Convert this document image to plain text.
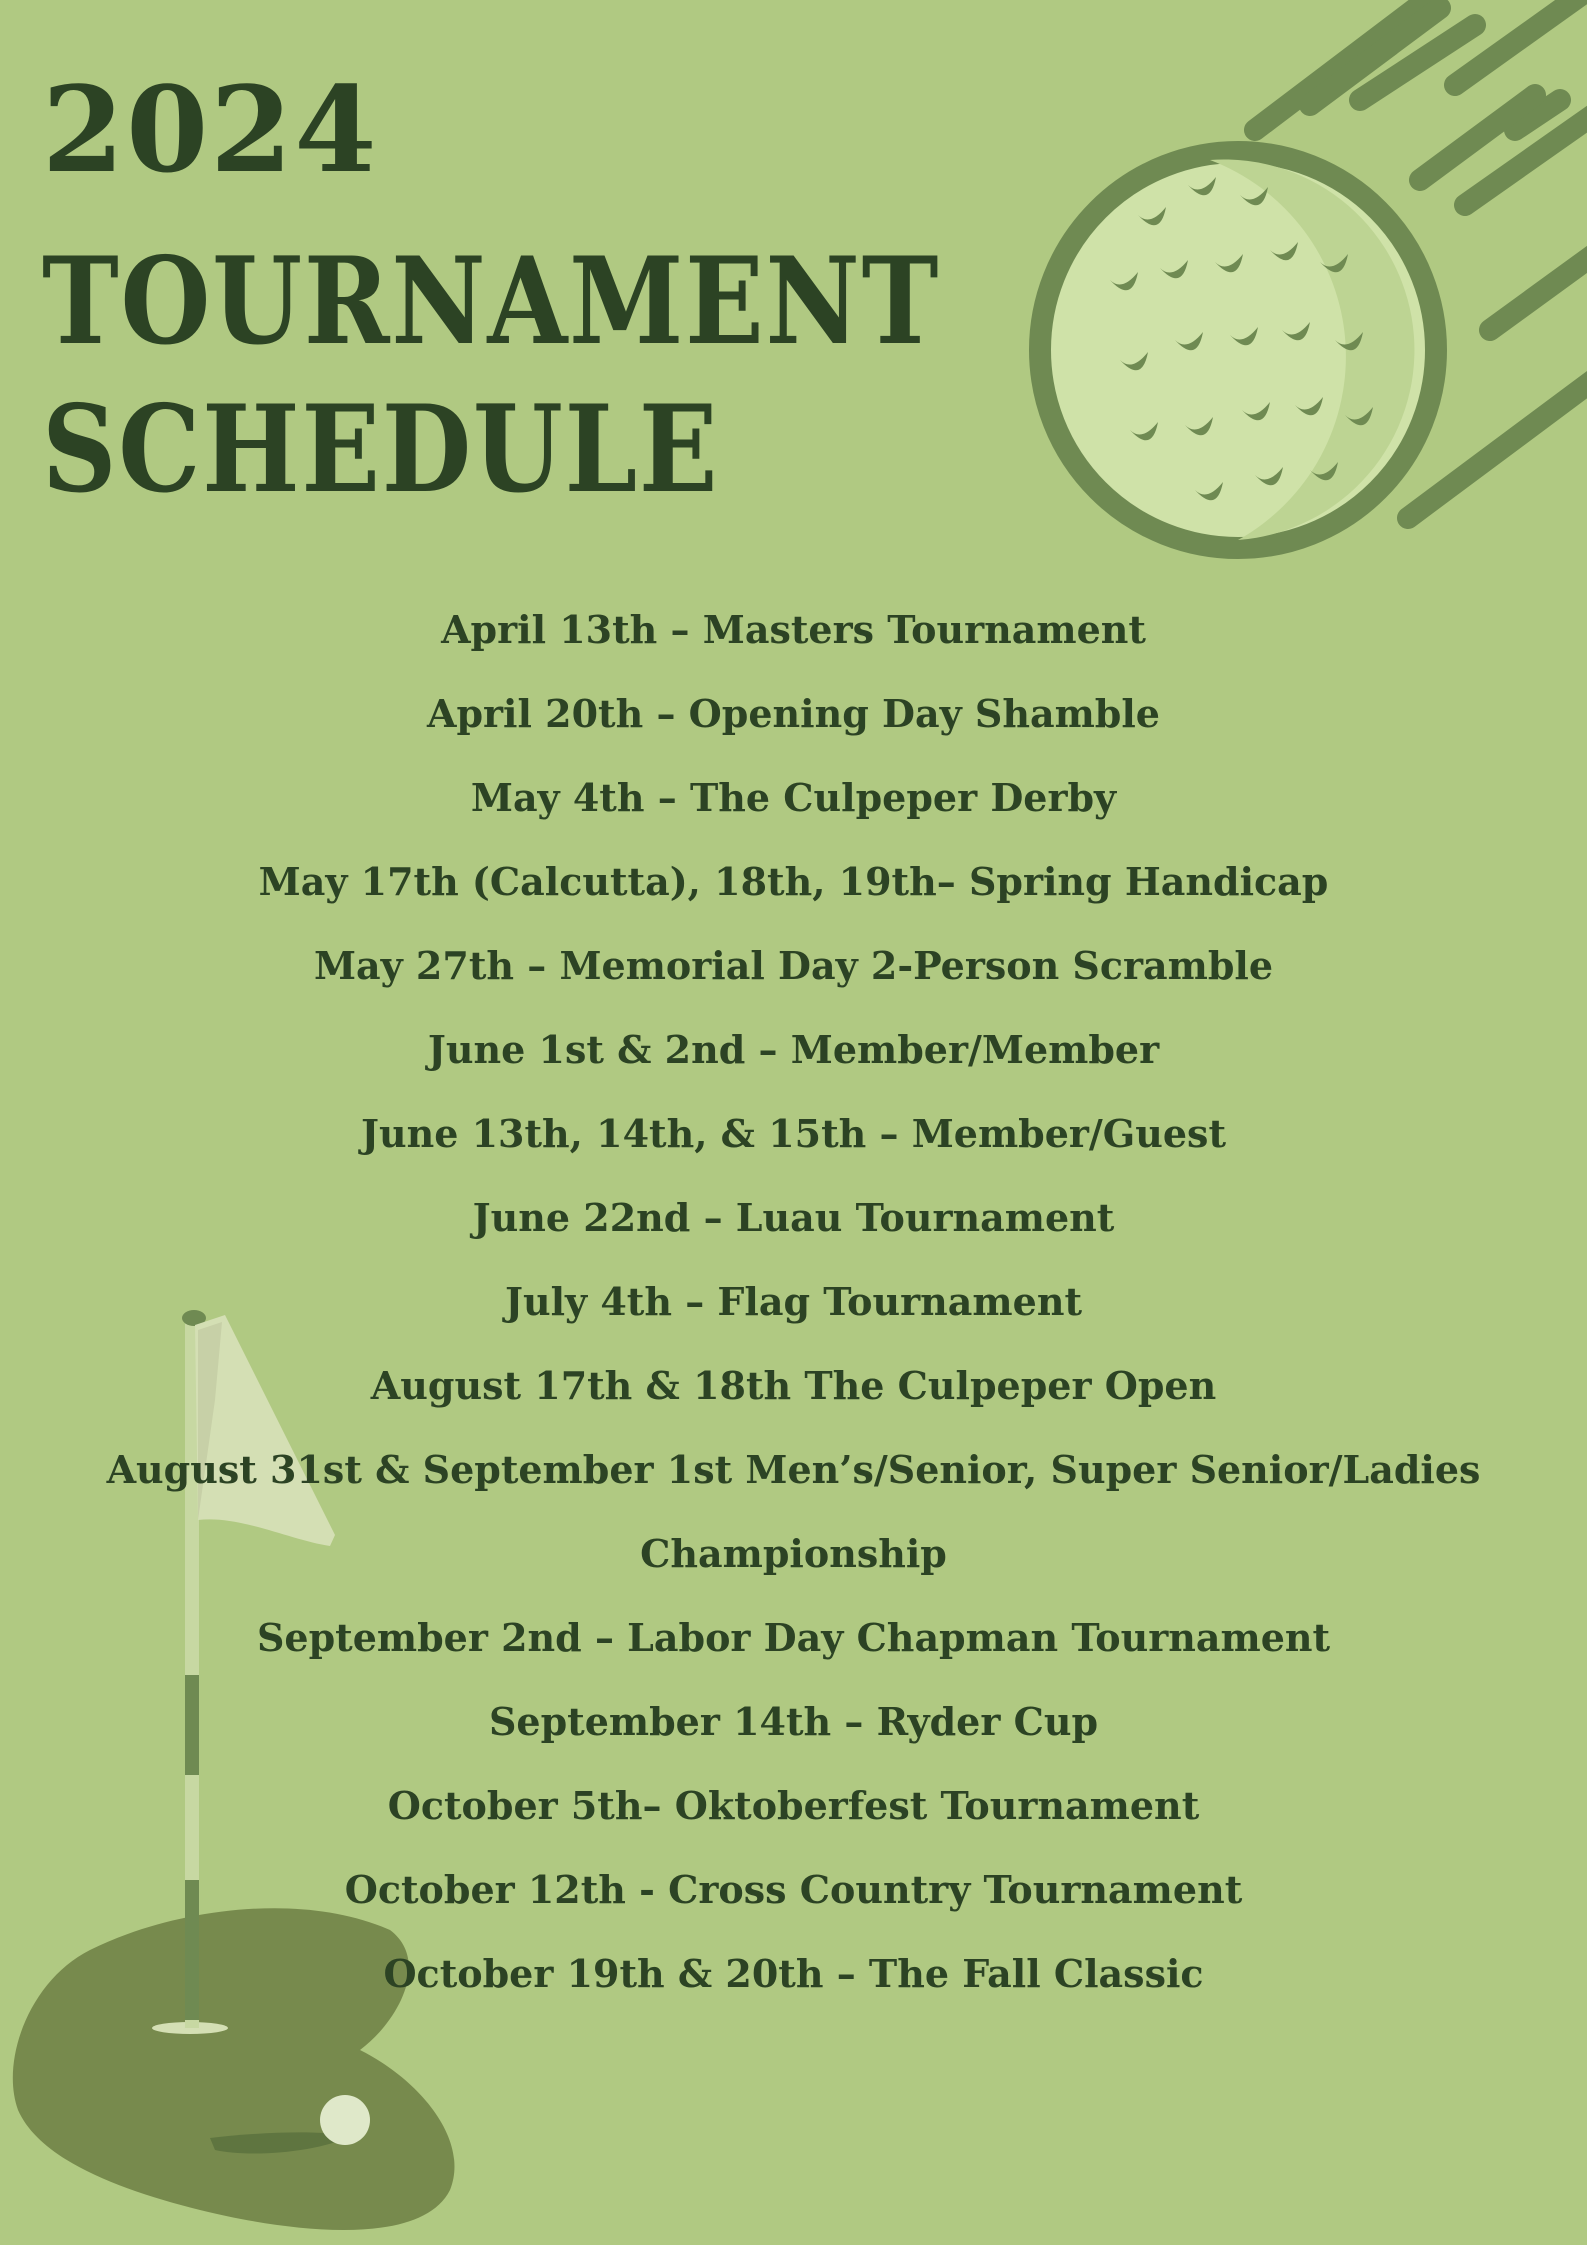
2024
TOURNAMENT
SCHEDULE
April 13th – Masters Tournament
April 20th – Opening Day Shamble
May 4th – The Culpeper Derby
May 17th (Calcutta), 18th, 19th– Spring Handicap
May 27th – Memorial Day 2-Person Scramble
June 1st & 2nd – Member/Member
June 13th, 14th, & 15th – Member/Guest
June 22nd – Luau Tournament
July 4th – Flag Tournament
August 17th & 18th The Culpeper Open
August 31st & September 1st Men’s/Senior, Super Senior/Ladies Championship
September 2nd – Labor Day Chapman Tournament
September 14th – Ryder Cup
October 5th– Oktoberfest Tournament
October 12th - Cross Country Tournament
October 19th & 20th – The Fall Classic
